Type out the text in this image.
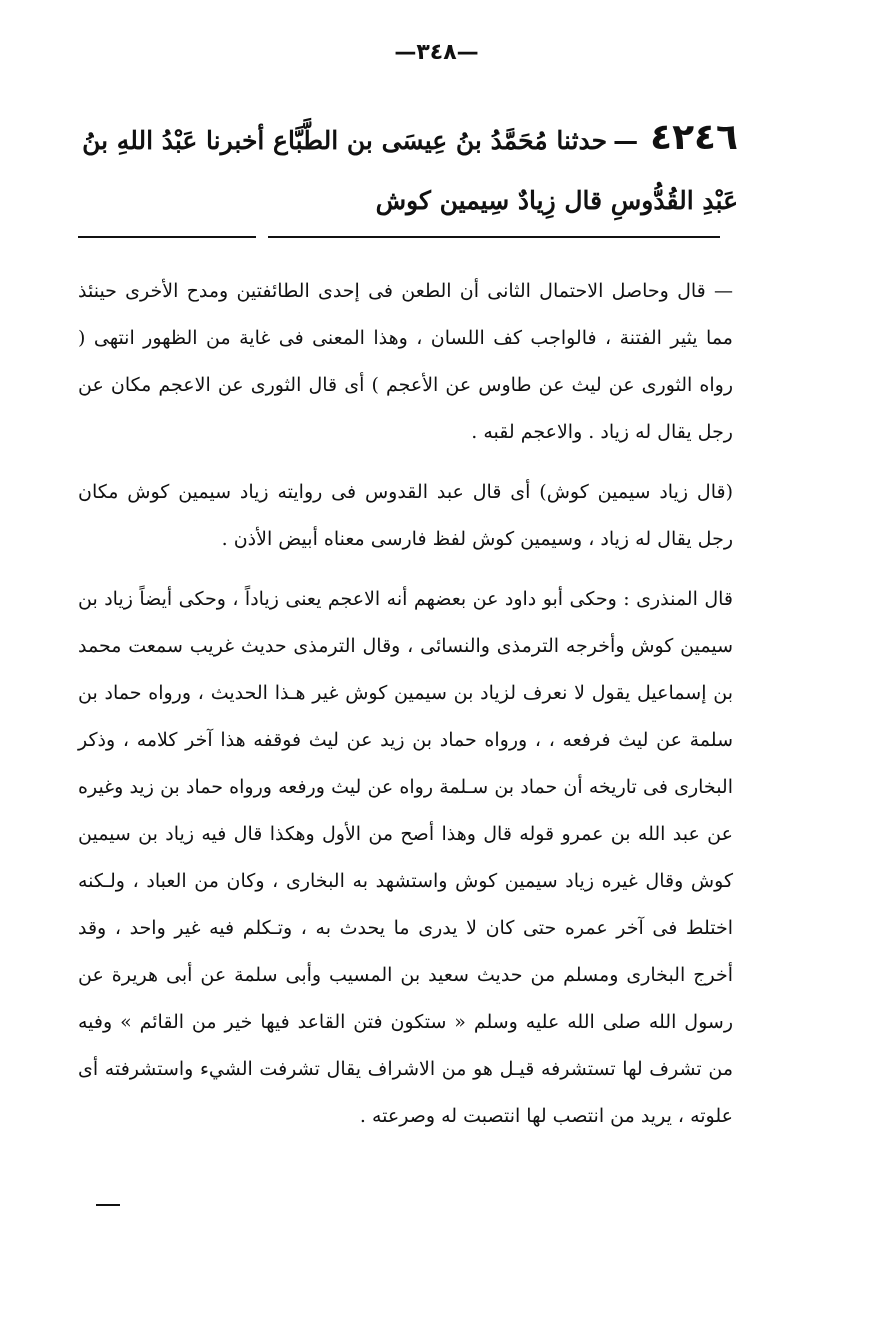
—٣٤٨—
٤٢٤٦—حدثنا مُحَمَّدُ بنُ عِيسَى بن الطَّبَّاع أخبرنا عَبْدُ اللهِ بنُ عَبْدِ القُدُّوسِ قال زِيادٌ سِيمين كوش

— قال وحاصل الاحتمال الثانى أن الطعن فى إحدى الطائفتين ومدح الأخرى حينئذ مما يثير الفتنة ، فالواجب كف اللسان ، وهذا المعنى فى غاية من الظهور انتهى ( رواه الثورى عن ليث عن طاوس عن الأعجم ) أى قال الثورى عن الاعجم مكان عن رجل يقال له زياد . والاعجم لقبه .

(قال زياد سيمين كوش) أى قال عبد القدوس فى روايته زياد سيمين كوش مكان رجل يقال له زياد ، وسيمين كوش لفظ فارسى معناه أبيض الأذن .

قال المنذرى : وحكى أبو داود عن بعضهم أنه الاعجم يعنى زياداً ، وحكى أيضاً زياد بن سيمين كوش وأخرجه الترمذى والنسائى ، وقال الترمذى حديث غريب سمعت محمد بن إسماعيل يقول لا نعرف لزياد بن سيمين كوش غير هـذا الحديث ، ورواه حماد بن سلمة عن ليث فرفعه ، ، ورواه حماد بن زيد عن ليث فوقفه هذا آخر كلامه ، وذكر البخارى فى تاريخه أن حماد بن سـلمة رواه عن ليث ورفعه ورواه حماد بن زيد وغيره عن عبد الله بن عمرو قوله قال وهذا أصح من الأول وهكذا قال فيه زياد بن سيمين كوش وقال غيره زياد سيمين كوش واستشهد به البخارى ، وكان من العباد ، ولـكنه اختلط فى آخر عمره حتى كان لا يدرى ما يحدث به ، وتـكلم فيه غير واحد ، وقد أخرج البخارى ومسلم من حديث سعيد بن المسيب وأبى سلمة عن أبى هريرة عن رسول الله صلى الله عليه وسلم « ستكون فتن القاعد فيها خير من القائم » وفيه من تشرف لها تستشرفه قيـل هو من الاشراف يقال تشرفت الشيء واستشرفته أى علوته ، يريد من انتصب لها انتصبت له وصرعته .
